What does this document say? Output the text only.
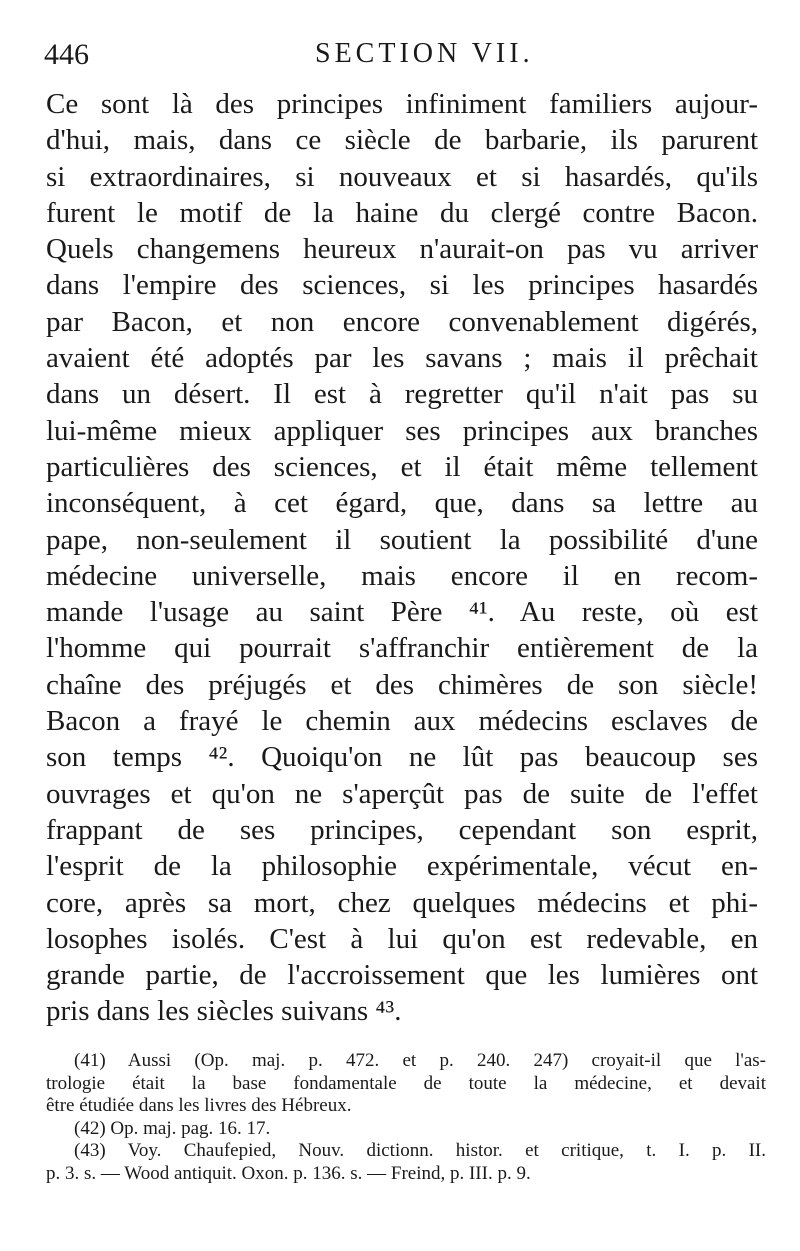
446	SECTION VII.
Ce sont là des principes infiniment familiers aujour-
d'hui, mais, dans ce siècle de barbarie, ils parurent
si extraordinaires, si nouveaux et si hasardés, qu'ils
furent le motif de la haine du clergé contre Bacon.
Quels changemens heureux n'aurait-on pas vu arriver
dans l'empire des sciences, si les principes hasardés
par Bacon, et non encore convenablement digérés,
avaient été adoptés par les savans ; mais il prêchait
dans un désert. Il est à regretter qu'il n'ait pas su
lui-même mieux appliquer ses principes aux branches
particulières des sciences, et il était même tellement
inconséquent, à cet égard, que, dans sa lettre au
pape, non-seulement il soutient la possibilité d'une
médecine universelle, mais encore il en recom-
mande l'usage au saint Père ⁴¹. Au reste, où est
l'homme qui pourrait s'affranchir entièrement de la
chaîne des préjugés et des chimères de son siècle!
Bacon a frayé le chemin aux médecins esclaves de
son temps ⁴². Quoiqu'on ne lût pas beaucoup ses
ouvrages et qu'on ne s'aperçût pas de suite de l'effet
frappant de ses principes, cependant son esprit,
l'esprit de la philosophie expérimentale, vécut en-
core, après sa mort, chez quelques médecins et phi-
losophes isolés. C'est à lui qu'on est redevable, en
grande partie, de l'accroissement que les lumières ont
pris dans les siècles suivans ⁴³.
(41) Aussi (Op. maj. p. 472. et p. 240. 247) croyait-il que l'as-
trologie était la base fondamentale de toute la médecine, et devait
être étudiée dans les livres des Hébreux.
(42) Op. maj. pag. 16. 17.
(43) Voy. Chaufepied, Nouv. dictionn. histor. et critique, t. I. p. II.
p. 3. s. — Wood antiquit. Oxon. p. 136. s. — Freind, p. III. p. 9.
